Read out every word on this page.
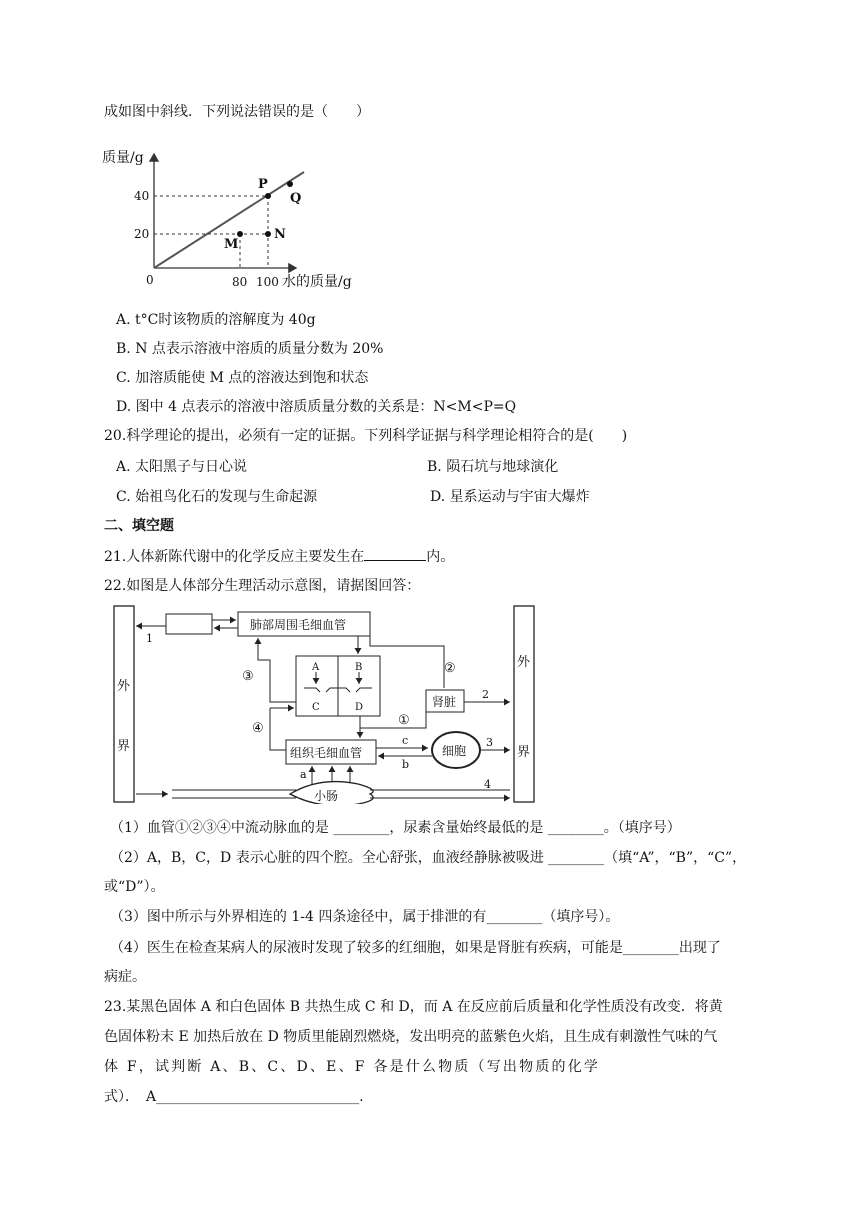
成如图中斜线．下列说法错误的是（　　）
质量/g
水的质量/g
0
40
20
80 100
P
Q
M
N
A. t°C时该物质的溶解度为 40g
B. N 点表示溶液中溶质的质量分数为 20%
C. 加溶质能使 M 点的溶液达到饱和状态
D. 图中 4 点表示的溶液中溶质质量分数的关系是：N<M<P=Q
20.科学理论的提出，必须有一定的证据。下列科学证据与科学理论相符合的是(　　)
A. 太阳黑子与日心说	B. 陨石坑与地球演化
C. 始祖鸟化石的发现与生命起源	D. 星系运动与宇宙大爆炸
二、填空题
21.人体新陈代谢中的化学反应主要发生在	内。
22.如图是人体部分生理活动示意图，请据图回答：
外
界
外
界
肺部周围毛细血管
1
A	B
C	D
③
②
④
肾脏
2
①
组织毛细血管	细胞
c
b
3
a
小肠
4
（1）血管①②③④中流动脉血的是 ________，尿素含量始终最低的是 ________。（填序号）
（2）A，B，C，D 表示心脏的四个腔。全心舒张，血液经静脉被吸进 ________（填“A”，“B”，“C”，
或“D”）。
（3）图中所示与外界相连的 1-4 四条途径中，属于排泄的有________（填序号）。
（4）医生在检查某病人的尿液时发现了较多的红细胞，如果是肾脏有疾病，可能是________出现了
病症。
23.某黑色固体 A 和白色固体 B 共热生成 C 和 D，而 A 在反应前后质量和化学性质没有改变．将黄
色固体粉末 E 加热后放在 D 物质里能剧烈燃烧，发出明亮的蓝紫色火焰，且生成有刺激性气味的气
体 F，试判断 A、B、C、D、E、F 各是什么物质（写出物质的化学
式）．　A_____________________________.
